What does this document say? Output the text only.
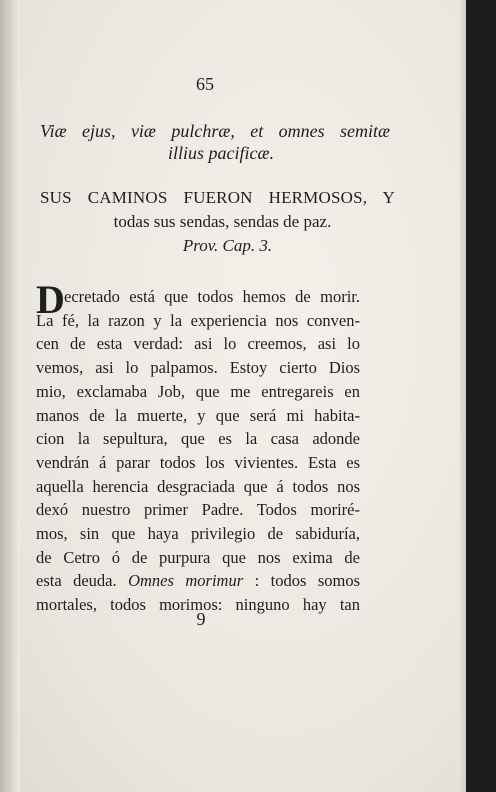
65
Viæ ejus, viæ pulchræ, et omnes semitæ
illius pacificæ.
SUS CAMINOS FUERON HERMOSOS, Y
todas sus sendas, sendas de paz.
Prov. Cap. 3.
D ecretado está que todos hemos de morir.
La fé, la razon y la experiencia nos conven-
cen de esta verdad: asi lo creemos, asi lo
vemos, asi lo palpamos. Estoy cierto Dios
mio, exclamaba Job, que me entregareis en
manos de la muerte, y que será mi habita-
cion la sepultura, que es la casa adonde
vendrán á parar todos los vivientes. Esta es
aquella herencia desgraciada que á todos nos
dexó nuestro primer Padre. Todos moriré-
mos, sin que haya privilegio de sabiduría,
de Cetro ó de purpura que nos exima de
esta deuda. Omnes morimur : todos somos
mortales, todos morimos: ninguno hay tan
9
